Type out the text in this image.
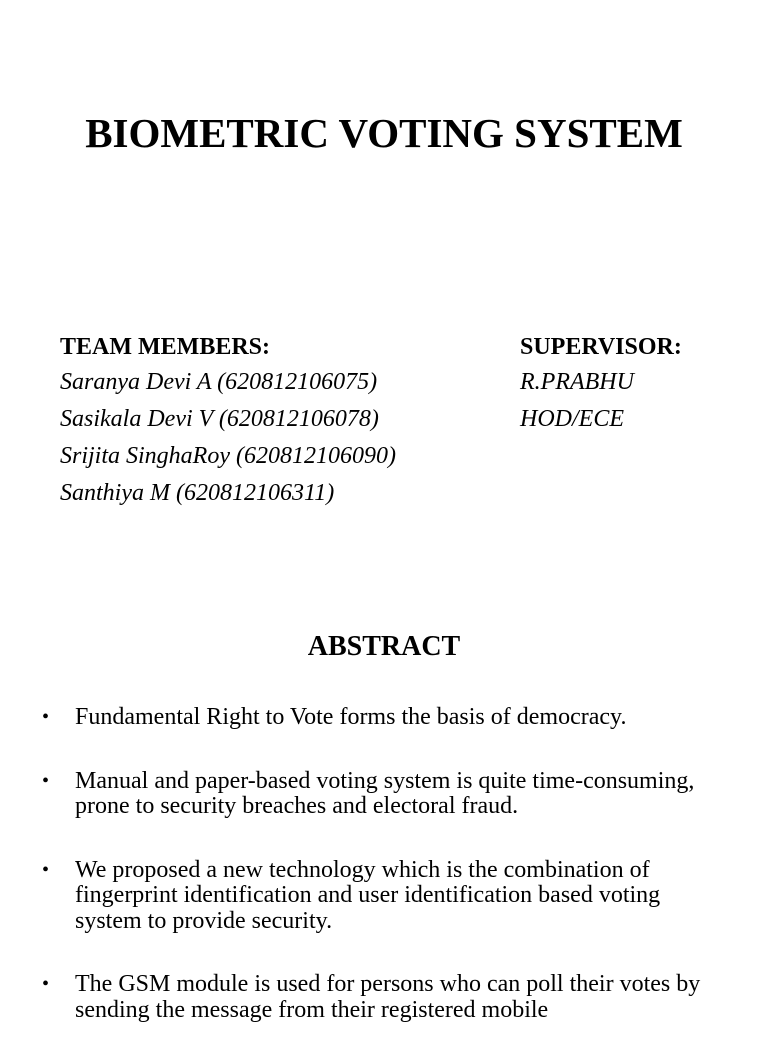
BIOMETRIC VOTING SYSTEM
TEAM MEMBERS:
Saranya Devi A (620812106075)
Sasikala Devi V (620812106078)
Srijita SinghaRoy (620812106090)
Santhiya M (620812106311)
SUPERVISOR:
R.PRABHU
HOD/ECE
ABSTRACT
• Fundamental Right to Vote forms the basis of democracy.
• Manual and paper-based voting system is quite time-consuming, prone to security breaches and electoral fraud.
• We proposed a new technology which is the combination of fingerprint identification and user identification based voting system to provide security.
• The GSM module is used for persons who can poll their votes by sending the message from their registered mobile
